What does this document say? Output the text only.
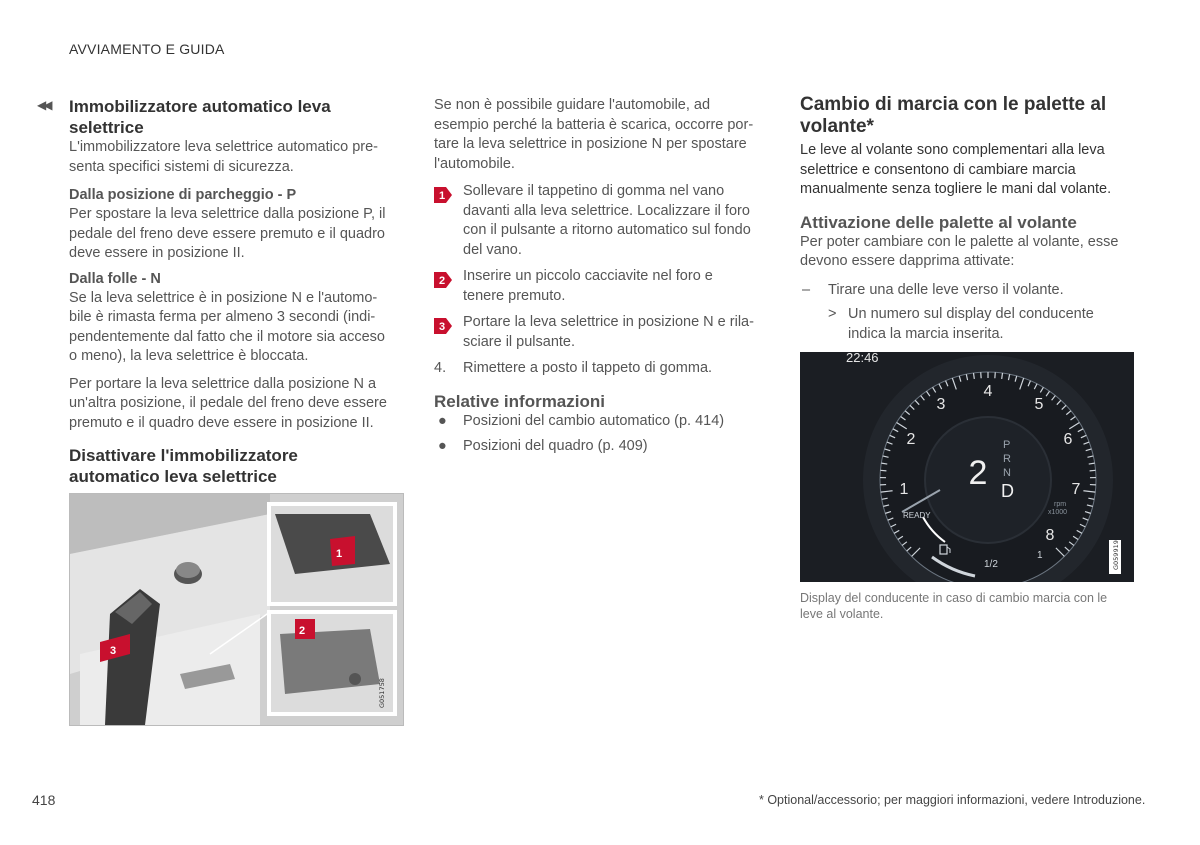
AVVIAMENTO E GUIDA
◀◀ Immobilizzatore automatico leva
selettrice

L'immobilizzatore leva selettrice automatico pre-
senta specifici sistemi di sicurezza.

Dalla posizione di parcheggio - P

Per spostare la leva selettrice dalla posizione P, il
pedale del freno deve essere premuto e il quadro
deve essere in posizione II.

Dalla folle - N

Se la leva selettrice è in posizione N e l'automo-
bile è rimasta ferma per almeno 3 secondi (indi-
pendentemente dal fatto che il motore sia acceso
o meno), la leva selettrice è bloccata.

Per portare la leva selettrice dalla posizione N a
un'altra posizione, il pedale del freno deve essere
premuto e il quadro deve essere in posizione II.

Disattivare l'immobilizzatore
automatico leva selettrice

3
1
2
G051758

Se non è possibile guidare l'automobile, ad
esempio perché la batteria è scarica, occorre por-
tare la leva selettrice in posizione N per spostare
l'automobile.

1 Sollevare il tappetino di gomma nel vano
davanti alla leva selettrice. Localizzare il foro
con il pulsante a ritorno automatico sul fondo
del vano.
2 Inserire un piccolo cacciavite nel foro e
tenere premuto.
3 Portare la leva selettrice in posizione N e rila-
sciare il pulsante.
4. Rimettere a posto il tappeto di gomma.

Relative informazioni

● Posizioni del cambio automatico (p. 414)
● Posizioni del quadro (p. 409)

Cambio di marcia con le palette al
volante*

Le leve al volante sono complementari alla leva
selettrice e consentono di cambiare marcia
manualmente senza togliere le mani dal volante.

Attivazione delle palette al volante

Per poter cambiare con le palette al volante, esse
devono essere dapprima attivate:

– Tirare una delle leve verso il volante.
> Un numero sul display del conducente
indica la marcia inserita.
22:46
4
3	5
2	6
1	7
8
2
P
R
N
D
rpm
x1000
READY
1/2
1	G059919
Display del conducente in caso di cambio marcia con le
leve al volante.
418	* Optional/accessorio; per maggiori informazioni, vedere Introduzione.
